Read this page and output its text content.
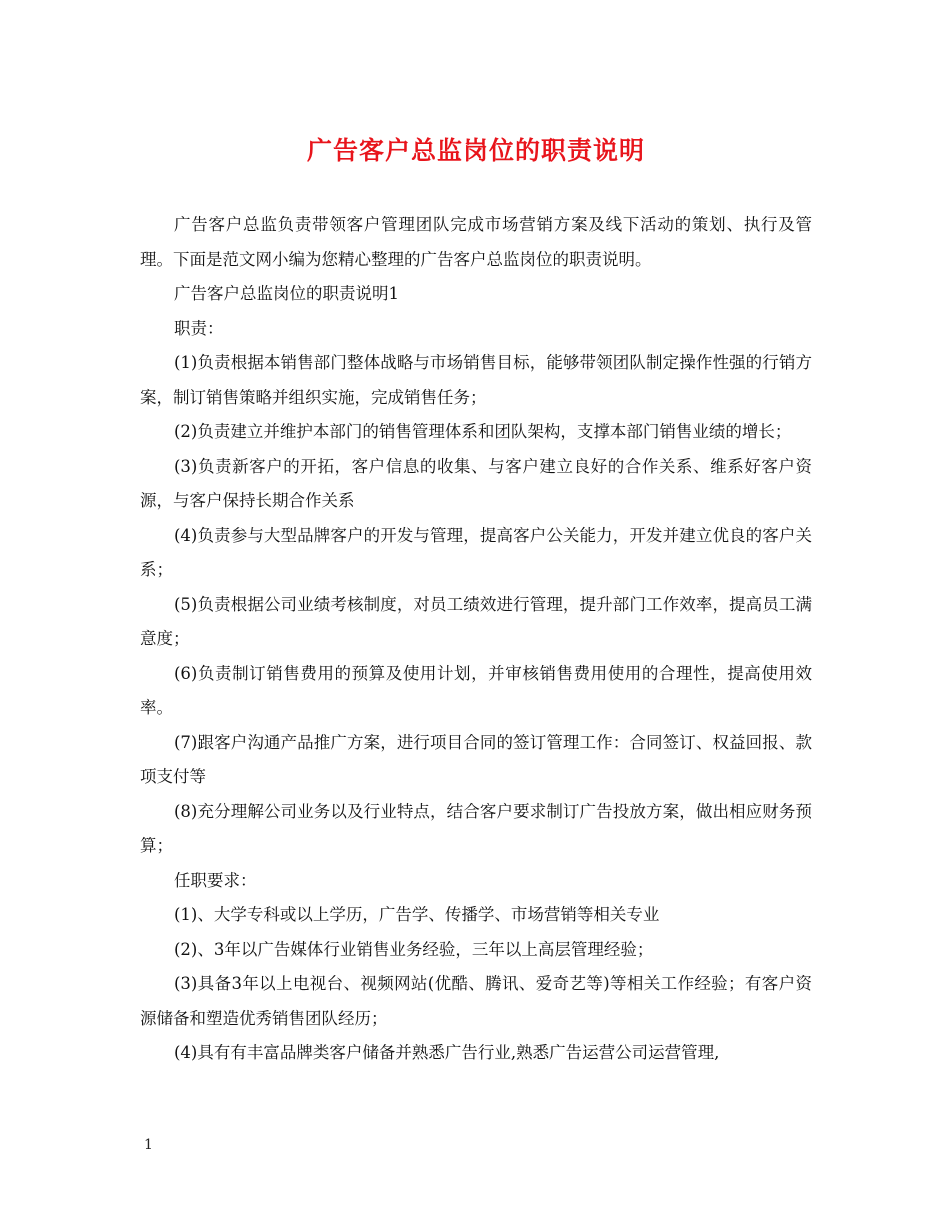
广告客户总监岗位的职责说明

广告客户总监负责带领客户管理团队完成市场营销方案及线下活动的策划、执行及管理。下面是范文网小编为您精心整理的广告客户总监岗位的职责说明。

广告客户总监岗位的职责说明1

职责：

(1)负责根据本销售部门整体战略与市场销售目标，能够带领团队制定操作性强的行销方案，制订销售策略并组织实施，完成销售任务；

(2)负责建立并维护本部门的销售管理体系和团队架构，支撑本部门销售业绩的增长；

(3)负责新客户的开拓，客户信息的收集、与客户建立良好的合作关系、维系好客户资源，与客户保持长期合作关系

(4)负责参与大型品牌客户的开发与管理，提高客户公关能力，开发并建立优良的客户关系；

(5)负责根据公司业绩考核制度，对员工绩效进行管理，提升部门工作效率，提高员工满意度；

(6)负责制订销售费用的预算及使用计划，并审核销售费用使用的合理性，提高使用效率。

(7)跟客户沟通产品推广方案，进行项目合同的签订管理工作：合同签订、权益回报、款项支付等

(8)充分理解公司业务以及行业特点，结合客户要求制订广告投放方案，做出相应财务预算；

任职要求：

(1)、大学专科或以上学历，广告学、传播学、市场营销等相关专业

(2)、3年以广告媒体行业销售业务经验，三年以上高层管理经验；

(3)具备3年以上电视台、视频网站(优酷、腾讯、爱奇艺等)等相关工作经验；有客户资源储备和塑造优秀销售团队经历；

(4)具有有丰富品牌类客户储备并熟悉广告行业,熟悉广告运营公司运营管理,

1
